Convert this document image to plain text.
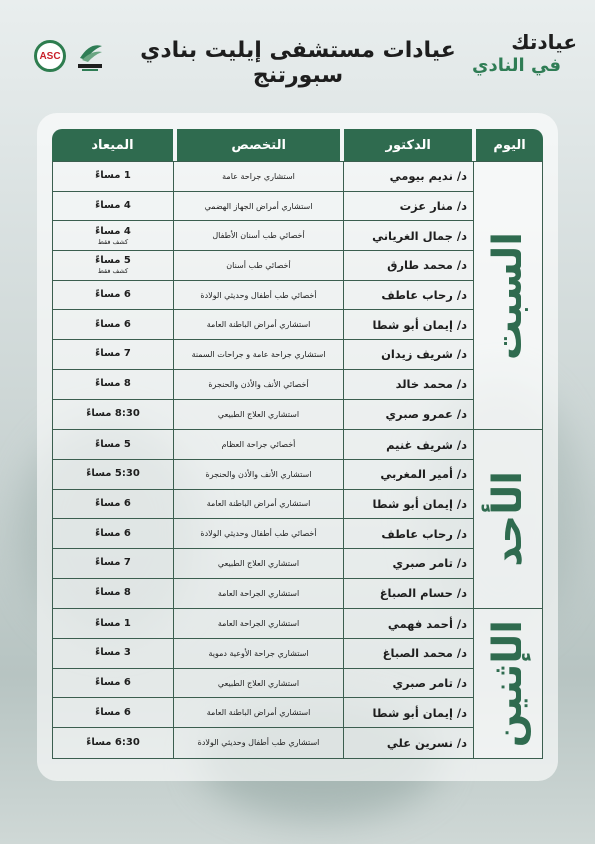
ASC	عيادات مستشفى إيليت بنادي سبورتنج
عيادتك
في النادي
اليوم
الدكتور
التخصص
الميعاد
السبت
د/ نديم بيومي
استشاري جراحة عامة
1 مساءً
د/ منار عزت
استشاري أمراض الجهاز الهضمي
4 مساءً
د/ جمال الغرياني
أخصائي طب أسنان الأطفال
4 مساءً
كشف فقط
د/ محمد طارق
أخصائي طب أسنان
5 مساءً
كشف فقط
د/ رحاب عاطف
أخصائي طب أطفال وحديثي الولادة
6 مساءً
د/ إيمان أبو شطا
استشاري أمراض الباطنة العامة
6 مساءً
د/ شريف زيدان
استشاري جراحة عامة و جراحات السمنة
7 مساءً
د/ محمد خالد
أخصائي الأنف والأذن والحنجرة
8 مساءً
د/ عمرو صبري
استشاري العلاج الطبيعي
8:30 مساءً
الأحد
د/ شريف غنيم
أخصائي جراحة العظام
5 مساءً
د/ أمير المغربي
استشاري الأنف والأذن والحنجرة
5:30 مساءً
د/ إيمان أبو شطا
استشاري أمراض الباطنة العامة
6 مساءً
د/ رحاب عاطف
أخصائي طب أطفال وحديثي الولادة
6 مساءً
د/ تامر صبري
استشاري العلاج الطبيعي
7 مساءً
د/ حسام الصباغ
استشاري الجراحة العامة
8 مساءً
الإثنين
د/ أحمد فهمي
استشاري الجراحة العامة
1 مساءً
د/ محمد الصباغ
استشاري جراحة الأوعية دموية
3 مساءً
د/ تامر صبري
استشاري العلاج الطبيعي
6 مساءً
د/ إيمان أبو شطا
استشاري أمراض الباطنة العامة
6 مساءً
د/ نسرين علي
استشاري طب أطفال وحديثي الولادة
6:30 مساءً
